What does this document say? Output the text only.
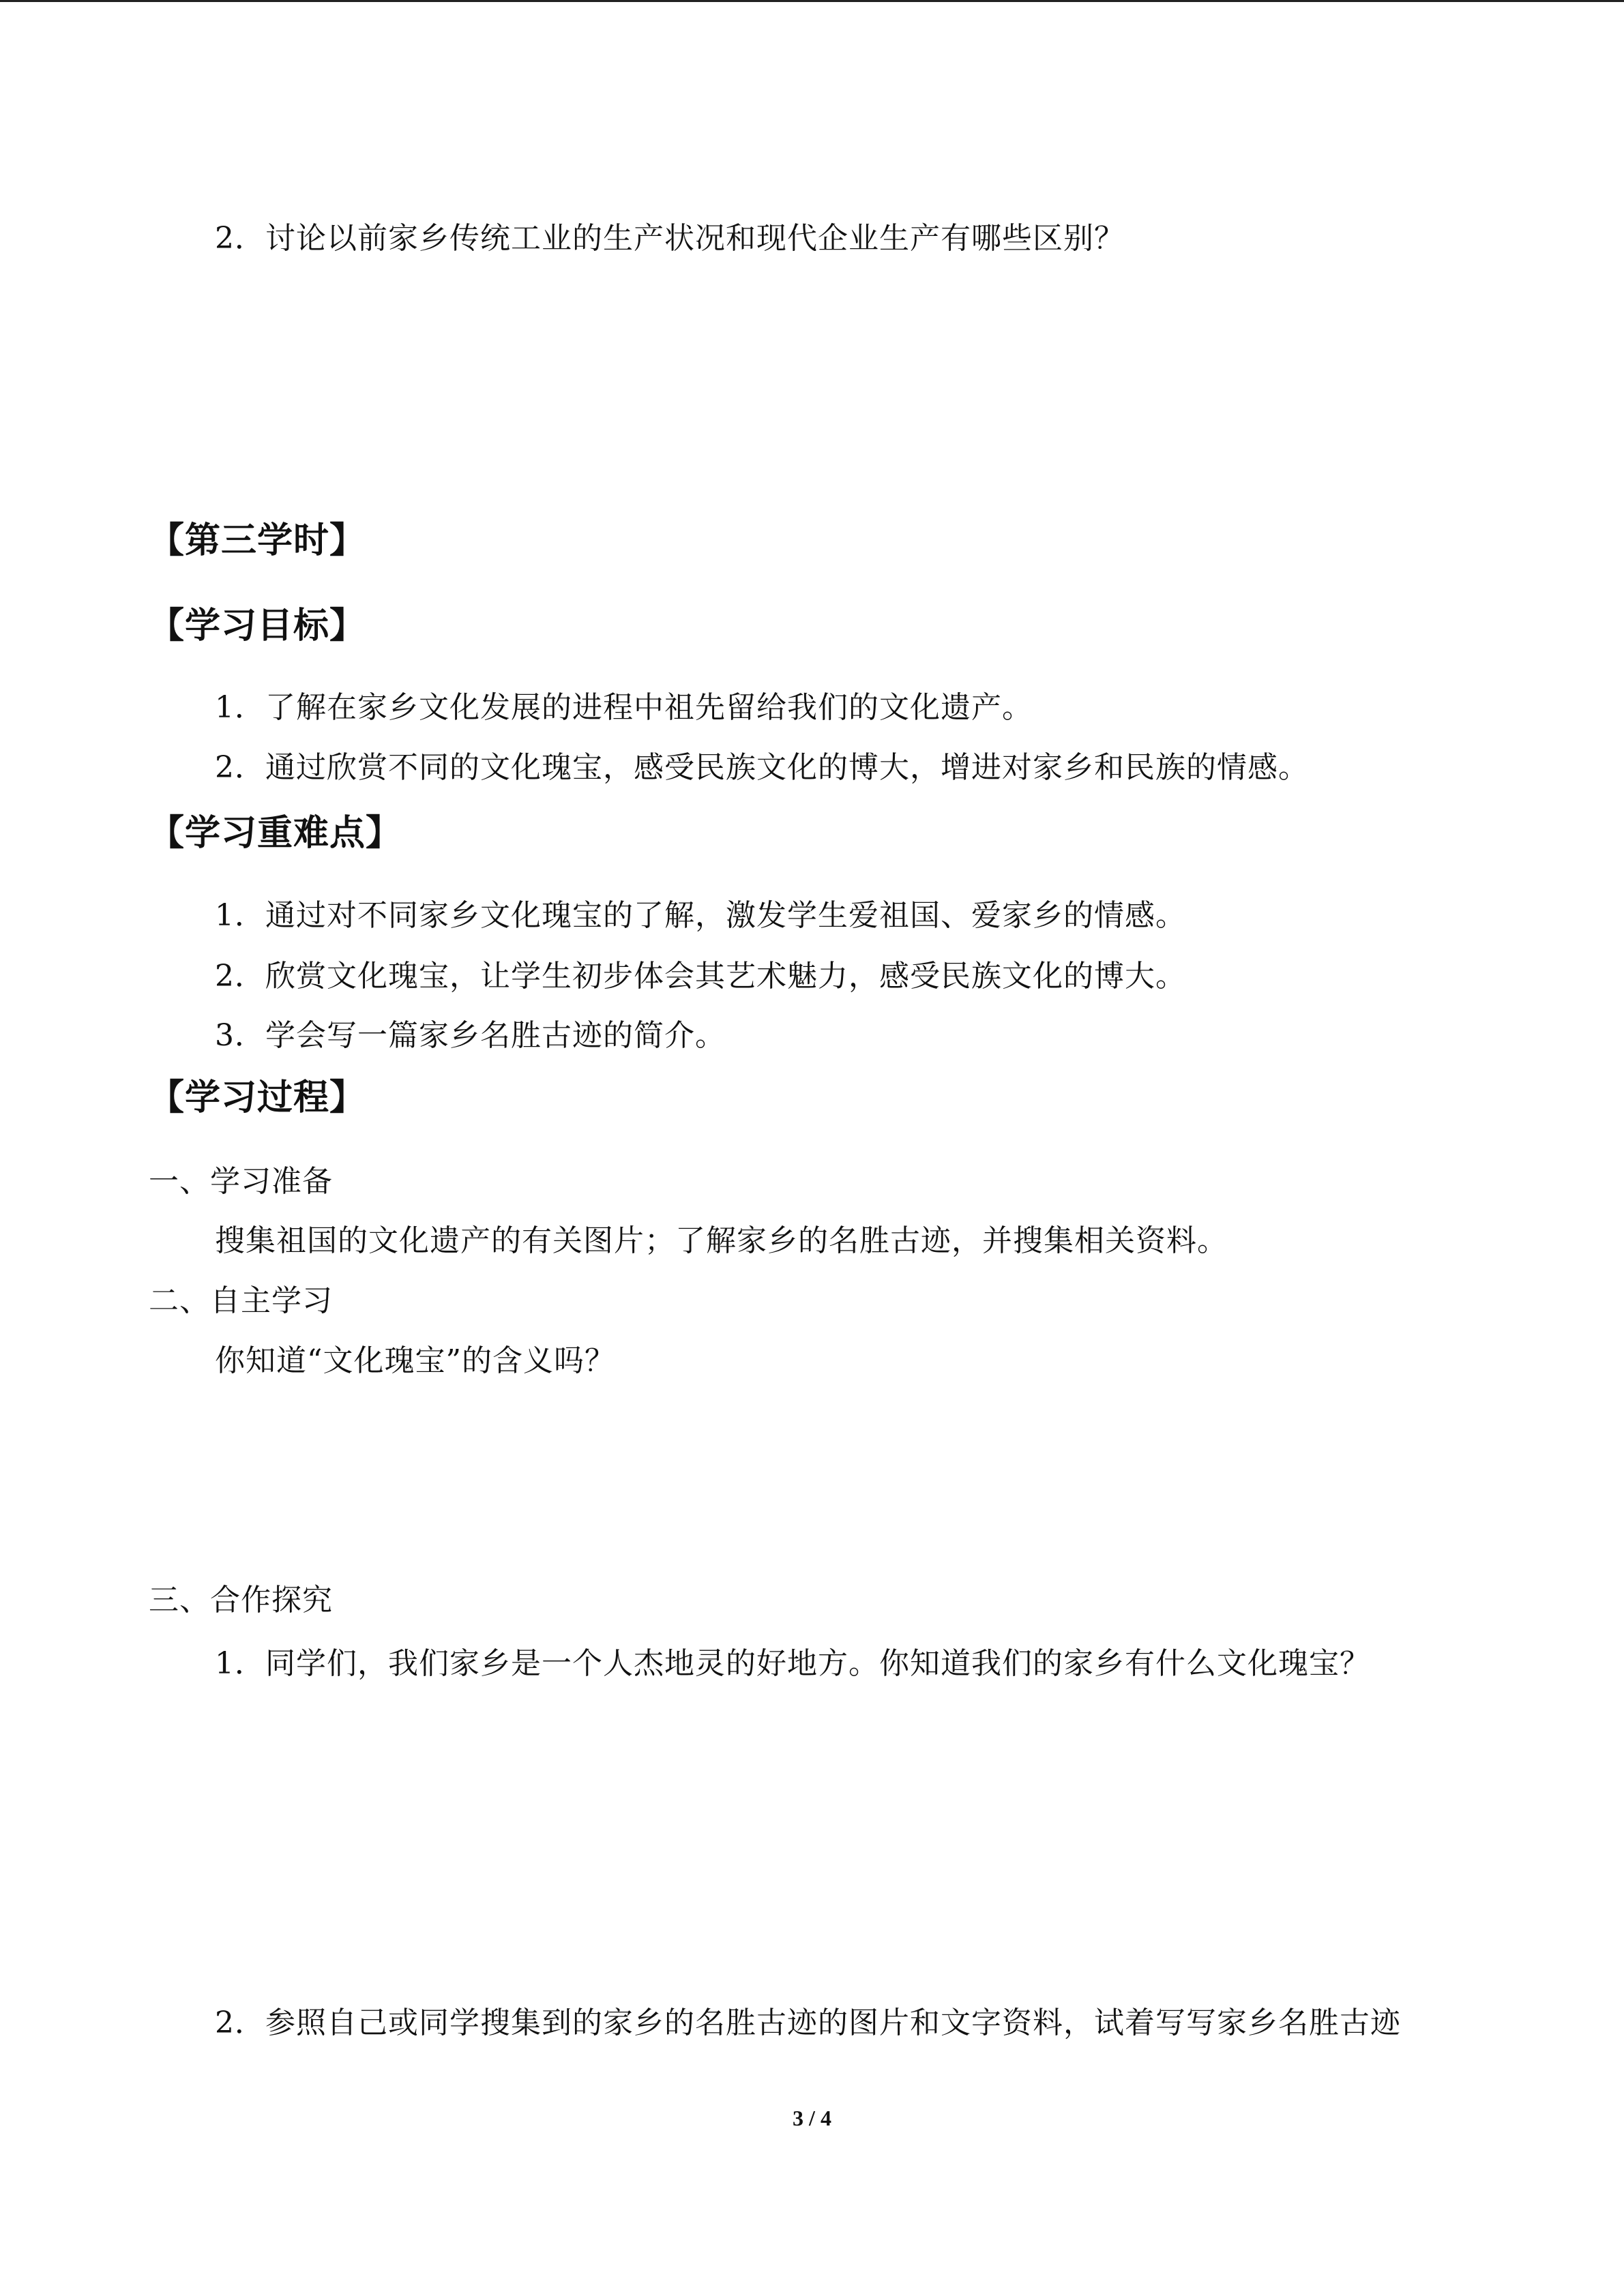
2．讨论以前家乡传统工业的生产状况和现代企业生产有哪些区别？
【第三学时】
【学习目标】
1．了解在家乡文化发展的进程中祖先留给我们的文化遗产。
2．通过欣赏不同的文化瑰宝，感受民族文化的博大，增进对家乡和民族的情感。
【学习重难点】
1．通过对不同家乡文化瑰宝的了解，激发学生爱祖国、爱家乡的情感。
2．欣赏文化瑰宝，让学生初步体会其艺术魅力，感受民族文化的博大。
3．学会写一篇家乡名胜古迹的简介。
【学习过程】
一、学习准备
搜集祖国的文化遗产的有关图片；了解家乡的名胜古迹，并搜集相关资料。
二、自主学习
你知道“文化瑰宝”的含义吗？
三、合作探究
1．同学们，我们家乡是一个人杰地灵的好地方。你知道我们的家乡有什么文化瑰宝？
2．参照自己或同学搜集到的家乡的名胜古迹的图片和文字资料，试着写写家乡名胜古迹
3 / 4
